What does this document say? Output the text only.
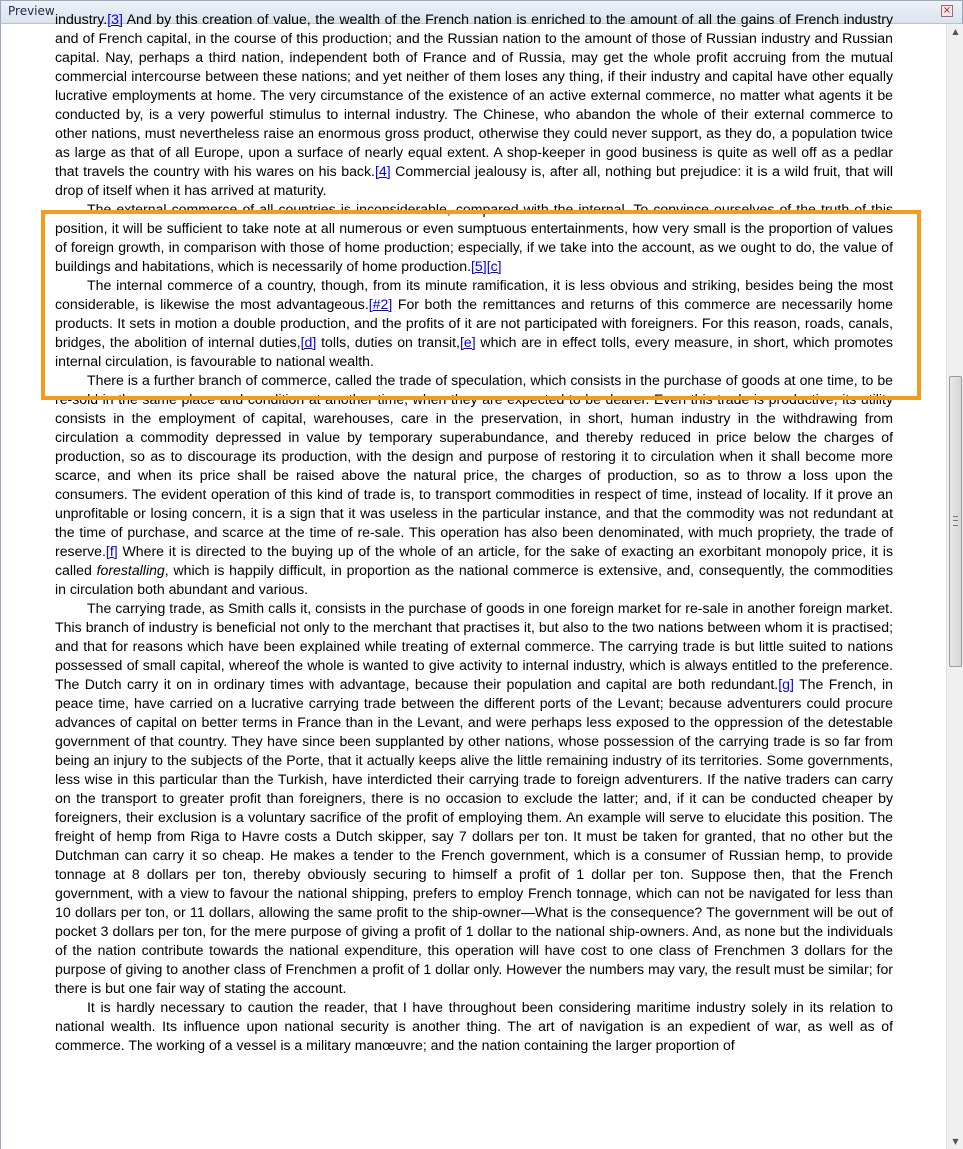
Preview	×

industry.[3] And by this creation of value, the wealth of the French nation is enriched to the amount of all the gains of French industry and of French capital, in the course of this production; and the Russian nation to the amount of those of Russian industry and Russian capital. Nay, perhaps a third nation, independent both of France and of Russia, may get the whole profit accruing from the mutual commercial intercourse between these nations; and yet neither of them loses any thing, if their industry and capital have other equally lucrative employments at home. The very circumstance of the existence of an active external commerce, no matter what agents it be conducted by, is a very powerful stimulus to internal industry. The Chinese, who abandon the whole of their external commerce to other nations, must nevertheless raise an enormous gross product, otherwise they could never support, as they do, a population twice as large as that of all Europe, upon a surface of nearly equal extent. A shop-keeper in good business is quite as well off as a pedlar that travels the country with his wares on his back.[4] Commercial jealousy is, after all, nothing but prejudice: it is a wild fruit, that will drop of itself when it has arrived at maturity.

The external commerce of all countries is inconsiderable, compared with the internal. To convince ourselves of the truth of this position, it will be sufficient to take note at all numerous or even sumptuous entertainments, how very small is the proportion of values of foreign growth, in comparison with those of home production; especially, if we take into the account, as we ought to do, the value of buildings and habitations, which is necessarily of home production.[5][c]

The internal commerce of a country, though, from its minute ramification, it is less obvious and striking, besides being the most considerable, is likewise the most advantageous.[#2] For both the remittances and returns of this commerce are necessarily home products. It sets in motion a double production, and the profits of it are not participated with foreigners. For this reason, roads, canals, bridges, the abolition of internal duties,[d] tolls, duties on transit,[e] which are in effect tolls, every measure, in short, which promotes internal circulation, is favourable to national wealth.

There is a further branch of commerce, called the trade of speculation, which consists in the purchase of goods at one time, to be re-sold in the same place and condition at another time, when they are expected to be dearer. Even this trade is productive; its utility consists in the employment of capital, warehouses, care in the preservation, in short, human industry in the withdrawing from circulation a commodity depressed in value by temporary superabundance, and thereby reduced in price below the charges of production, so as to discourage its production, with the design and purpose of restoring it to circulation when it shall become more scarce, and when its price shall be raised above the natural price, the charges of production, so as to throw a loss upon the consumers. The evident operation of this kind of trade is, to transport commodities in respect of time, instead of locality. If it prove an unprofitable or losing concern, it is a sign that it was useless in the particular instance, and that the commodity was not redundant at the time of purchase, and scarce at the time of re-sale. This operation has also been denominated, with much propriety, the trade of reserve.[f] Where it is directed to the buying up of the whole of an article, for the sake of exacting an exorbitant monopoly price, it is called forestalling, which is happily difficult, in proportion as the national commerce is extensive, and, consequently, the commodities in circulation both abundant and various.

The carrying trade, as Smith calls it, consists in the purchase of goods in one foreign market for re-sale in another foreign market. This branch of industry is beneficial not only to the merchant that practises it, but also to the two nations between whom it is practised; and that for reasons which have been explained while treating of external commerce. The carrying trade is but little suited to nations possessed of small capital, whereof the whole is wanted to give activity to internal industry, which is always entitled to the preference. The Dutch carry it on in ordinary times with advantage, because their population and capital are both redundant.[g] The French, in peace time, have carried on a lucrative carrying trade between the different ports of the Levant; because adventurers could procure advances of capital on better terms in France than in the Levant, and were perhaps less exposed to the oppression of the detestable government of that country. They have since been supplanted by other nations, whose possession of the carrying trade is so far from being an injury to the subjects of the Porte, that it actually keeps alive the little remaining industry of its territories. Some governments, less wise in this particular than the Turkish, have interdicted their carrying trade to foreign adventurers. If the native traders can carry on the transport to greater profit than foreigners, there is no occasion to exclude the latter; and, if it can be conducted cheaper by foreigners, their exclusion is a voluntary sacrifice of the profit of employing them. An example will serve to elucidate this position. The freight of hemp from Riga to Havre costs a Dutch skipper, say 7 dollars per ton. It must be taken for granted, that no other but the Dutchman can carry it so cheap. He makes a tender to the French government, which is a consumer of Russian hemp, to provide tonnage at 8 dollars per ton, thereby obviously securing to himself a profit of 1 dollar per ton. Suppose then, that the French government, with a view to favour the national shipping, prefers to employ French tonnage, which can not be navigated for less than 10 dollars per ton, or 11 dollars, allowing the same profit to the ship-owner—What is the consequence? The government will be out of pocket 3 dollars per ton, for the mere purpose of giving a profit of 1 dollar to the national ship-owners. And, as none but the individuals of the nation contribute towards the national expenditure, this operation will have cost to one class of Frenchmen 3 dollars for the purpose of giving to another class of Frenchmen a profit of 1 dollar only. However the numbers may vary, the result must be similar; for there is but one fair way of stating the account.

It is hardly necessary to caution the reader, that I have throughout been considering maritime industry solely in its relation to national wealth. Its influence upon national security is another thing. The art of navigation is an expedient of war, as well as of commerce. The working of a vessel is a military manœuvre; and the nation containing the larger proportion of

▲
▼
